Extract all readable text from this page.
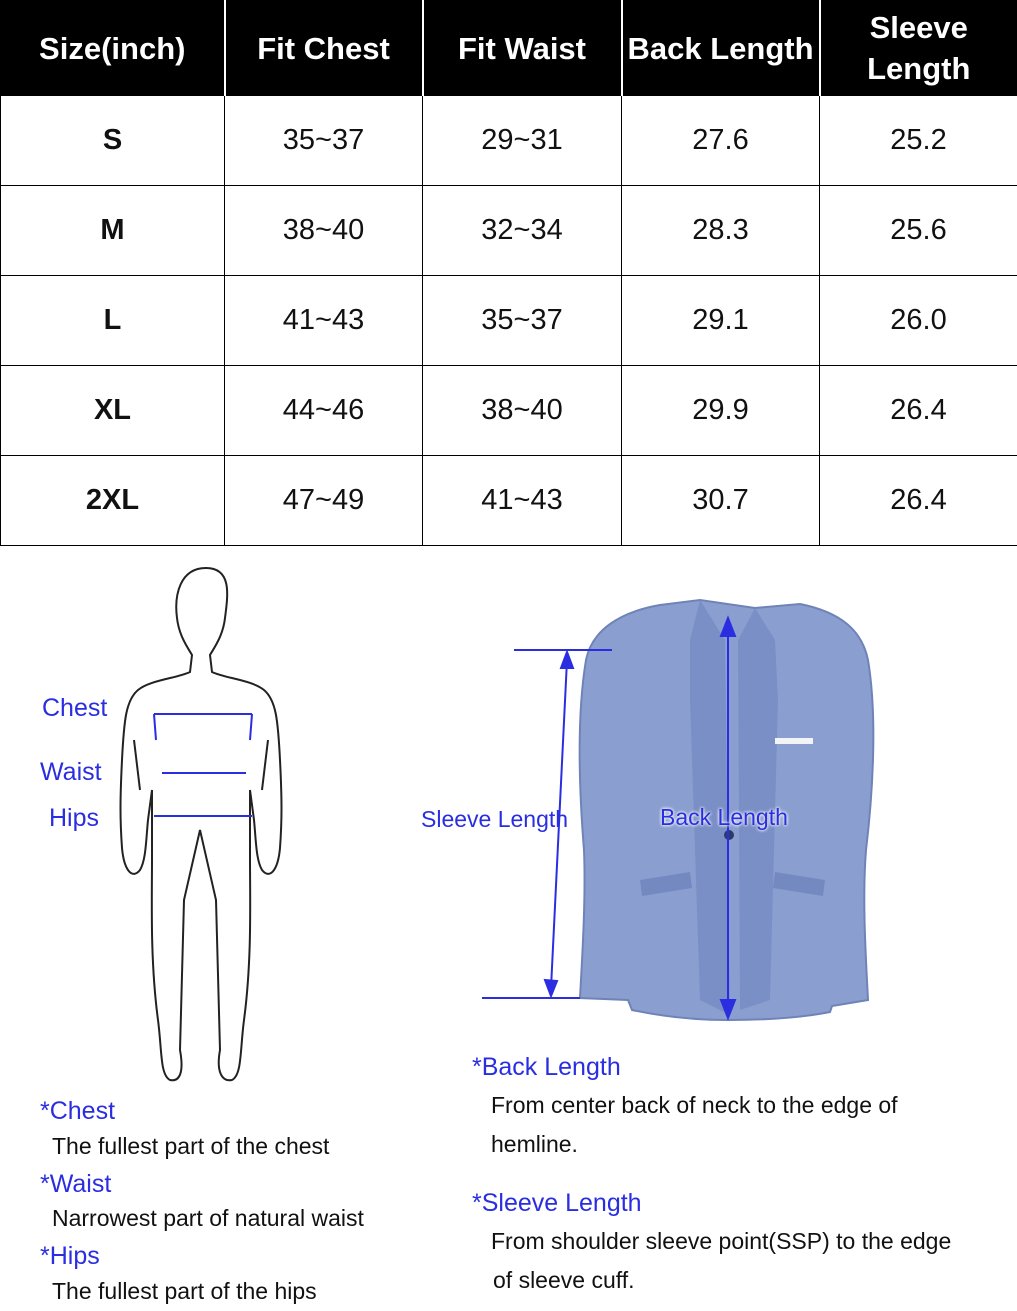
Size(inch)	Fit Chest	Fit Waist	Back Length	Sleeve Length
S	35~37	29~31	27.6	25.2
M	38~40	32~34	28.3	25.6
L	41~43	35~37	29.1	26.0
XL	44~46	38~40	29.9	26.4
2XL	47~49	41~43	30.7	26.4
Chest
Waist
Hips	Sleeve Length	Back Length
*Chest
The fullest part of the chest
*Waist
Narrowest part of natural waist
*Hips
The fullest part of the hips
*Back Length
From center back of neck to the edge of
hemline.
*Sleeve Length
From shoulder sleeve point(SSP) to the edge
of sleeve cuff.
